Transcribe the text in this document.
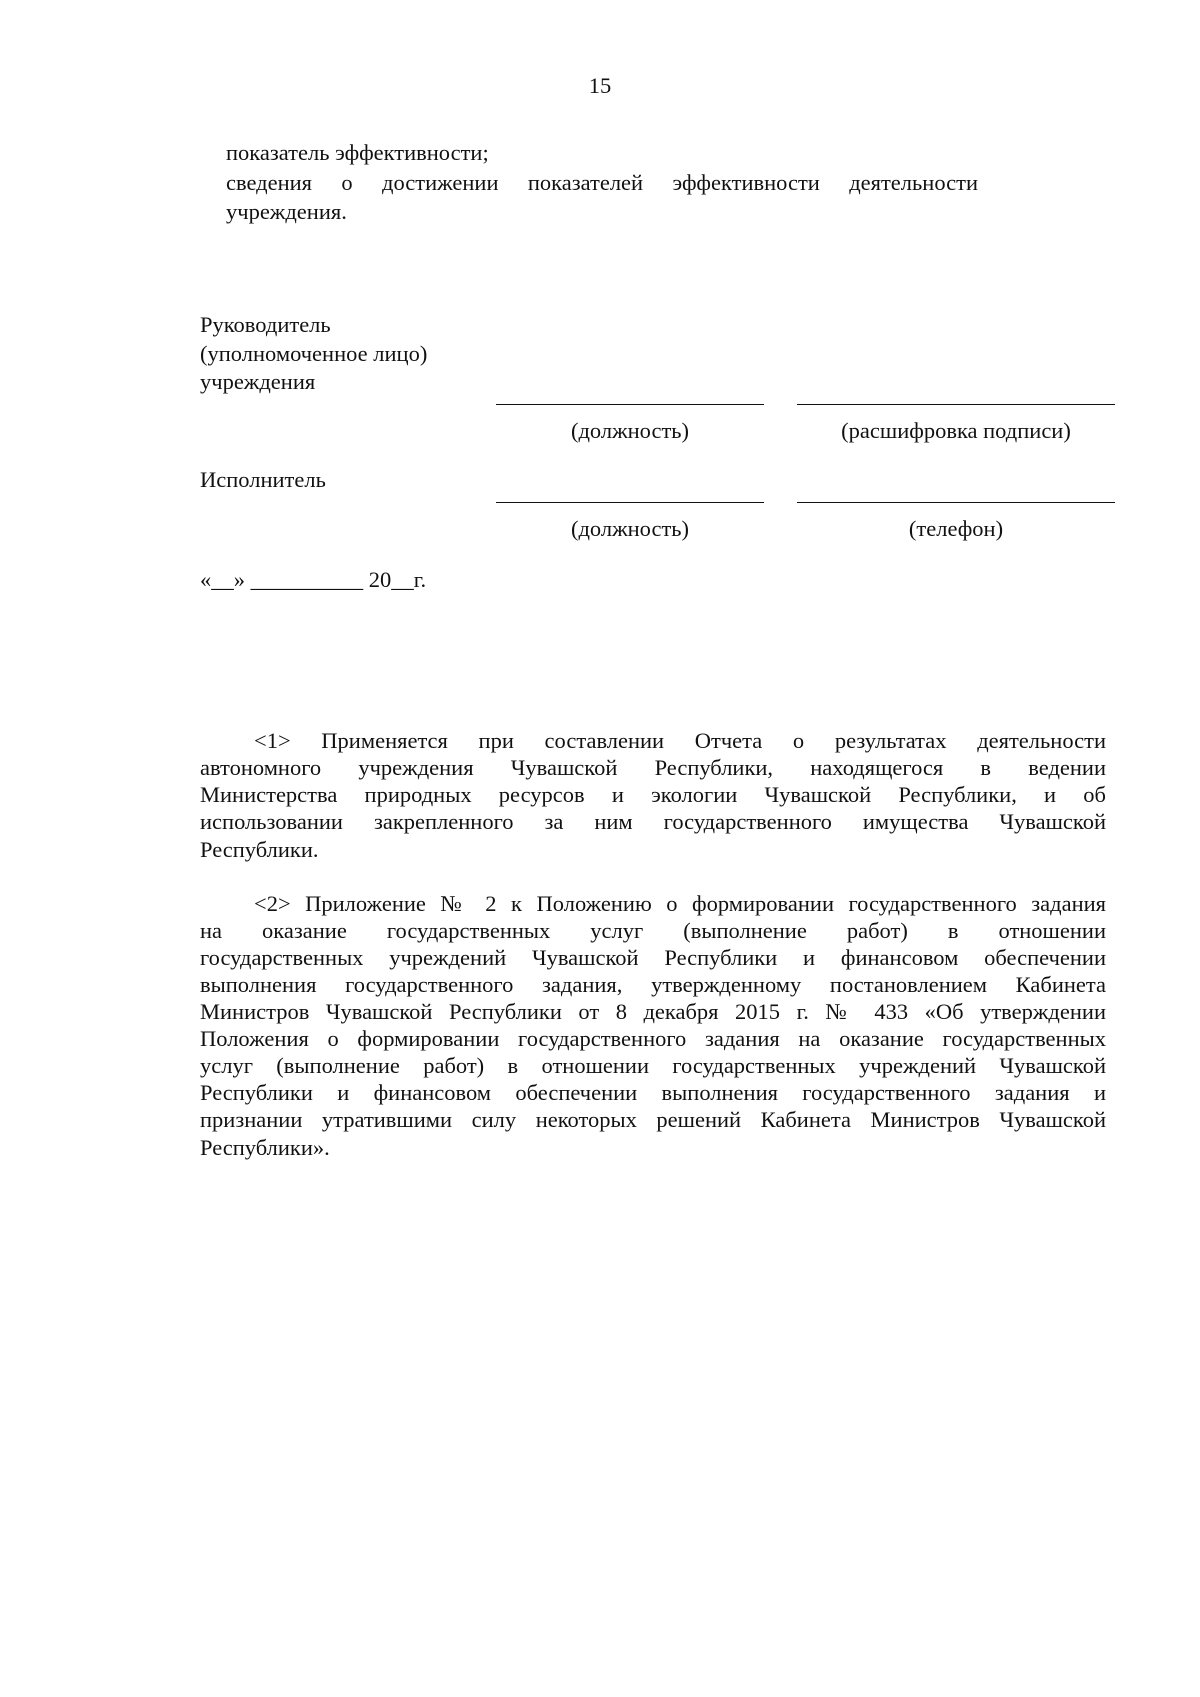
15
показатель эффективности;
сведения о достижении показателей эффективности деятельности
учреждения.
Руководитель
(уполномоченное лицо)
учреждения
(должность)	(расшифровка подписи)
Исполнитель
(должность)	(телефон)
«__» __________ 20__г.
<1> Применяется при составлении Отчета о результатах деятельности
автономного учреждения Чувашской Республики, находящегося в ведении
Министерства природных ресурсов и экологии Чувашской Республики, и об
использовании закрепленного за ним государственного имущества Чувашской
Республики.
<2> Приложение № 2 к Положению о формировании государственного задания
на оказание государственных услуг (выполнение работ) в отношении
государственных учреждений Чувашской Республики и финансовом обеспечении
выполнения государственного задания, утвержденному постановлением Кабинета
Министров Чувашской Республики от 8 декабря 2015 г. № 433 «Об утверждении
Положения о формировании государственного задания на оказание государственных
услуг (выполнение работ) в отношении государственных учреждений Чувашской
Республики и финансовом обеспечении выполнения государственного задания и
признании утратившими силу некоторых решений Кабинета Министров Чувашской
Республики».
